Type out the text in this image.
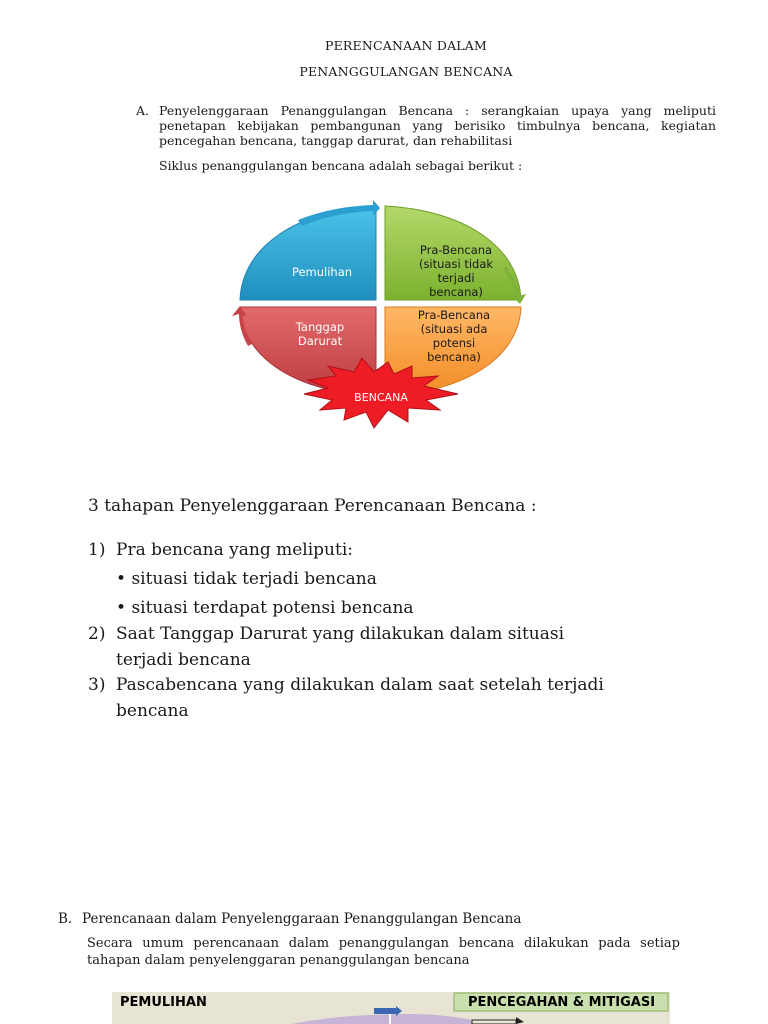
PERENCANAAN DALAM
PENANGGULANGAN BENCANA
A. Penyelenggaraan Penanggulangan Bencana : serangkaian upaya yang meliputi penetapan kebijakan pembangunan yang berisiko timbulnya bencana, kegiatan pencegahan bencana, tanggap darurat, dan rehabilitasi
Siklus penanggulangan bencana adalah sebagai berikut :
Pemulihan
Pra-Bencana
(situasi tidak
terjadi
bencana)
Pra-Bencana
(situasi ada
potensi
bencana)
Tanggap
Darurat
BENCANA
3 tahapan Penyelenggaraan Perencanaan Bencana :
1) Pra bencana yang meliputi:
• situasi tidak terjadi bencana
• situasi terdapat potensi bencana
2) Saat Tanggap Darurat yang dilakukan dalam situasi
terjadi bencana
3) Pascabencana yang dilakukan dalam saat setelah terjadi
bencana
B. Perencanaan dalam Penyelenggaraan Penanggulangan Bencana
Secara umum perencanaan dalam penanggulangan bencana dilakukan pada setiap tahapan dalam penyelenggaran penanggulangan bencana
PEMULIHAN	PENCEGAHAN & MITIGASI
